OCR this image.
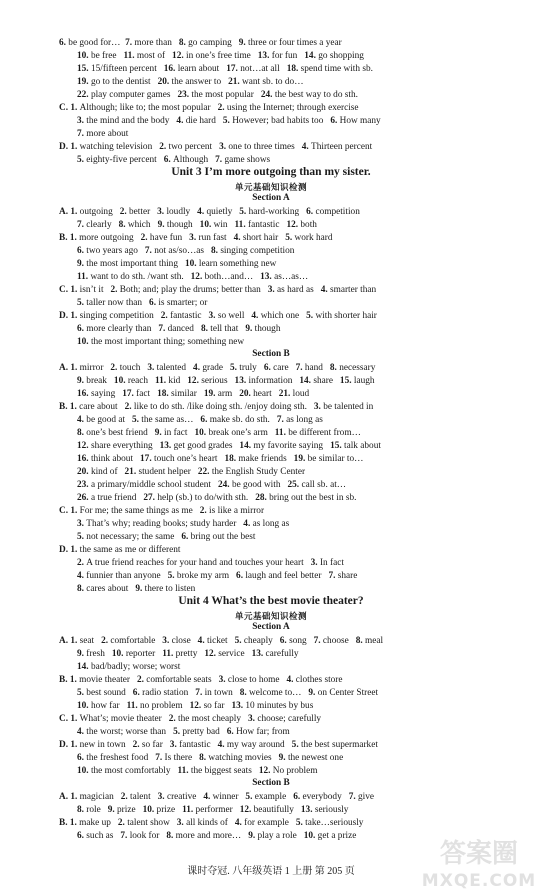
Unit 3 I’m more outgoing than my sister.
单元基础知识检测
Section A
Section B
Unit 4 What’s the best movie theater?
单元基础知识检测
Section A
Section B
6. be good for…  7. more than   8. go camping   9. three or four times a year
10. be free   11. most of   12. in one’s free time   13. for fun   14. go shopping
15. 15/fifteen percent   16. learn about   17. not…at all   18. spend time with sb.
19. go to the dentist   20. the answer to   21. want sb. to do…
22. play computer games   23. the most popular   24. the best way to do sth.
C. 1. Although; like to; the most popular   2. using the Internet; through exercise
3. the mind and the body   4. die hard   5. However; bad habits too   6. How many
7. more about
D. 1. watching television   2. two percent   3. one to three times   4. Thirteen percent
5. eighty-five percent   6. Although   7. game shows
A. 1. outgoing   2. better   3. loudly   4. quietly   5. hard-working   6. competition
7. clearly   8. which   9. though   10. win   11. fantastic   12. both
B. 1. more outgoing   2. have fun   3. run fast   4. short hair   5. work hard
6. two years ago   7. not as/so…as   8. singing competition
9. the most important thing   10. learn something new
11. want to do sth. /want sth.   12. both…and…   13. as…as…
C. 1. isn’t it   2. Both; and; play the drums; better than   3. as hard as   4. smarter than
5. taller now than   6. is smarter; or
D. 1. singing competition   2. fantastic   3. so well   4. which one   5. with shorter hair
6. more clearly than   7. danced   8. tell that   9. though
10. the most important thing; something new
A. 1. mirror   2. touch   3. talented   4. grade   5. truly   6. care   7. hand   8. necessary
9. break   10. reach   11. kid   12. serious   13. information   14. share   15. laugh
16. saying   17. fact   18. similar   19. arm   20. heart   21. loud
B. 1. care about   2. like to do sth. /like doing sth. /enjoy doing sth.   3. be talented in
4. be good at   5. the same as…   6. make sb. do sth.   7. as long as
8. one’s best friend   9. in fact   10. break one’s arm   11. be different from…
12. share everything   13. get good grades   14. my favorite saying   15. talk about
16. think about   17. touch one’s heart   18. make friends   19. be similar to…
20. kind of   21. student helper   22. the English Study Center
23. a primary/middle school student   24. be good with   25. call sb. at…
26. a true friend   27. help (sb.) to do/with sth.   28. bring out the best in sb.
C. 1. For me; the same things as me   2. is like a mirror
3. That’s why; reading books; study harder   4. as long as
5. not necessary; the same   6. bring out the best
D. 1. the same as me or different
2. A true friend reaches for your hand and touches your heart   3. In fact
4. funnier than anyone   5. broke my arm   6. laugh and feel better   7. share
8. cares about   9. there to listen
A. 1. seat   2. comfortable   3. close   4. ticket   5. cheaply   6. song   7. choose   8. meal
9. fresh   10. reporter   11. pretty   12. service   13. carefully
14. bad/badly; worse; worst
B. 1. movie theater   2. comfortable seats   3. close to home   4. clothes store
5. best sound   6. radio station   7. in town   8. welcome to…   9. on Center Street
10. how far   11. no problem   12. so far   13. 10 minutes by bus
C. 1. What’s; movie theater   2. the most cheaply   3. choose; carefully
4. the worst; worse than   5. pretty bad   6. How far; from
D. 1. new in town   2. so far   3. fantastic   4. my way around   5. the best supermarket
6. the freshest food   7. Is there   8. watching movies   9. the newest one
10. the most comfortably   11. the biggest seats   12. No problem
A. 1. magician   2. talent   3. creative   4. winner   5. example   6. everybody   7. give
8. role   9. prize   10. prize   11. performer   12. beautifully   13. seriously
B. 1. make up   2. talent show   3. all kinds of   4. for example   5. take…seriously
6. such as   7. look for   8. more and more…   9. play a role   10. get a prize
课时夺冠. 八年级英语 1 上册 第 205 页
答案圈
MXQE.COM
